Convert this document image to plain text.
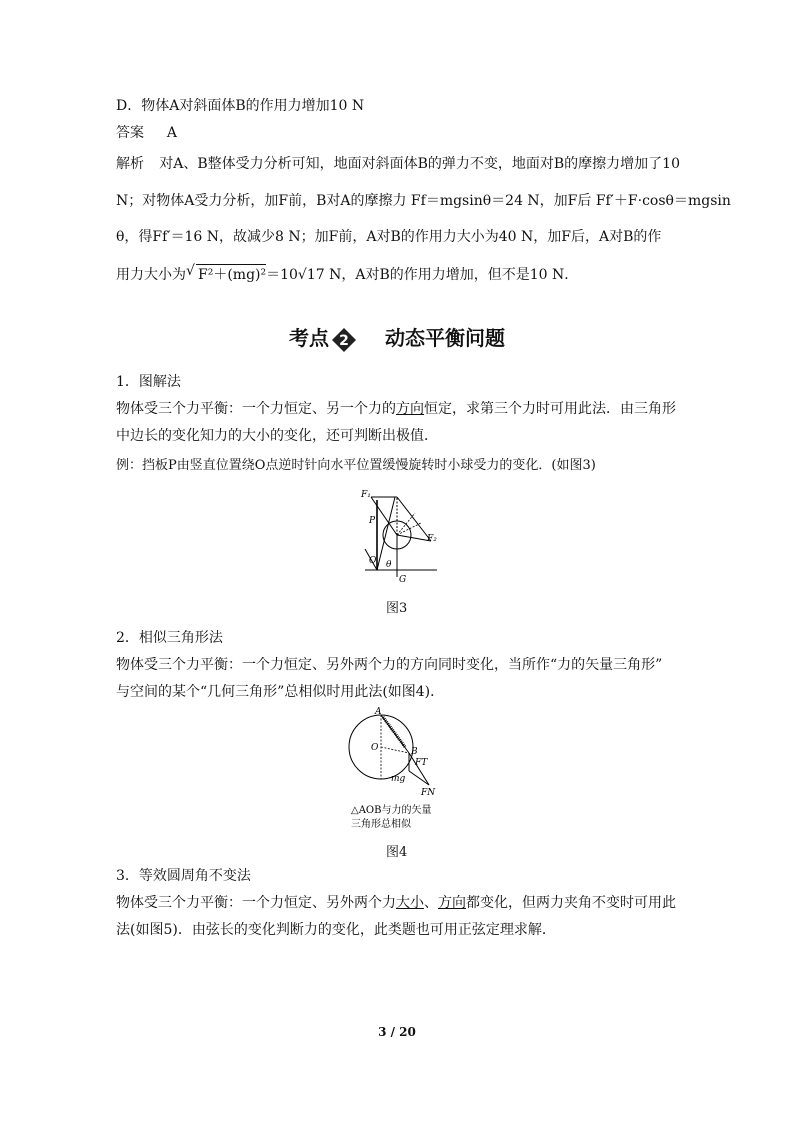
D．物体A对斜面体B的作用力增加10 N
答案 A
解析 对A、B整体受力分析可知，地面对斜面体B的弹力不变，地面对B的摩擦力增加了10
N；对物体A受力分析，加F前，B对A的摩擦力 Ff＝mgsinθ＝24 N，加F后 Ff′＋F·cosθ＝mgsin
θ，得Ff′＝16 N，故减少8 N；加F前，A对B的作用力大小为40 N，加F后，A对B的作
用力大小为√ F²＋(mg)²＝10√17 N，A对B的作用力增加，但不是10 N．
考点 2 动态平衡问题
1．图解法
物体受三个力平衡：一个力恒定、另一个力的方向恒定，求第三个力时可用此法．由三角形
中边长的变化知力的大小的变化，还可判断出极值．
例：挡板P由竖直位置绕O点逆时针向水平位置缓慢旋转时小球受力的变化．(如图3)
F₁
P
F₂
O θ
G
图3
2．相似三角形法
物体受三个力平衡：一个力恒定、另外两个力的方向同时变化，当所作“力的矢量三角形”
与空间的某个“几何三角形”总相似时用此法(如图4)．
A
O	B
FT
mg
FN
△AOB与力的矢量
三角形总相似
图4
3．等效圆周角不变法
物体受三个力平衡：一个力恒定、另外两个力大小、方向都变化，但两力夹角不变时可用此
法(如图5)．由弦长的变化判断力的变化，此类题也可用正弦定理求解．
3 / 20
